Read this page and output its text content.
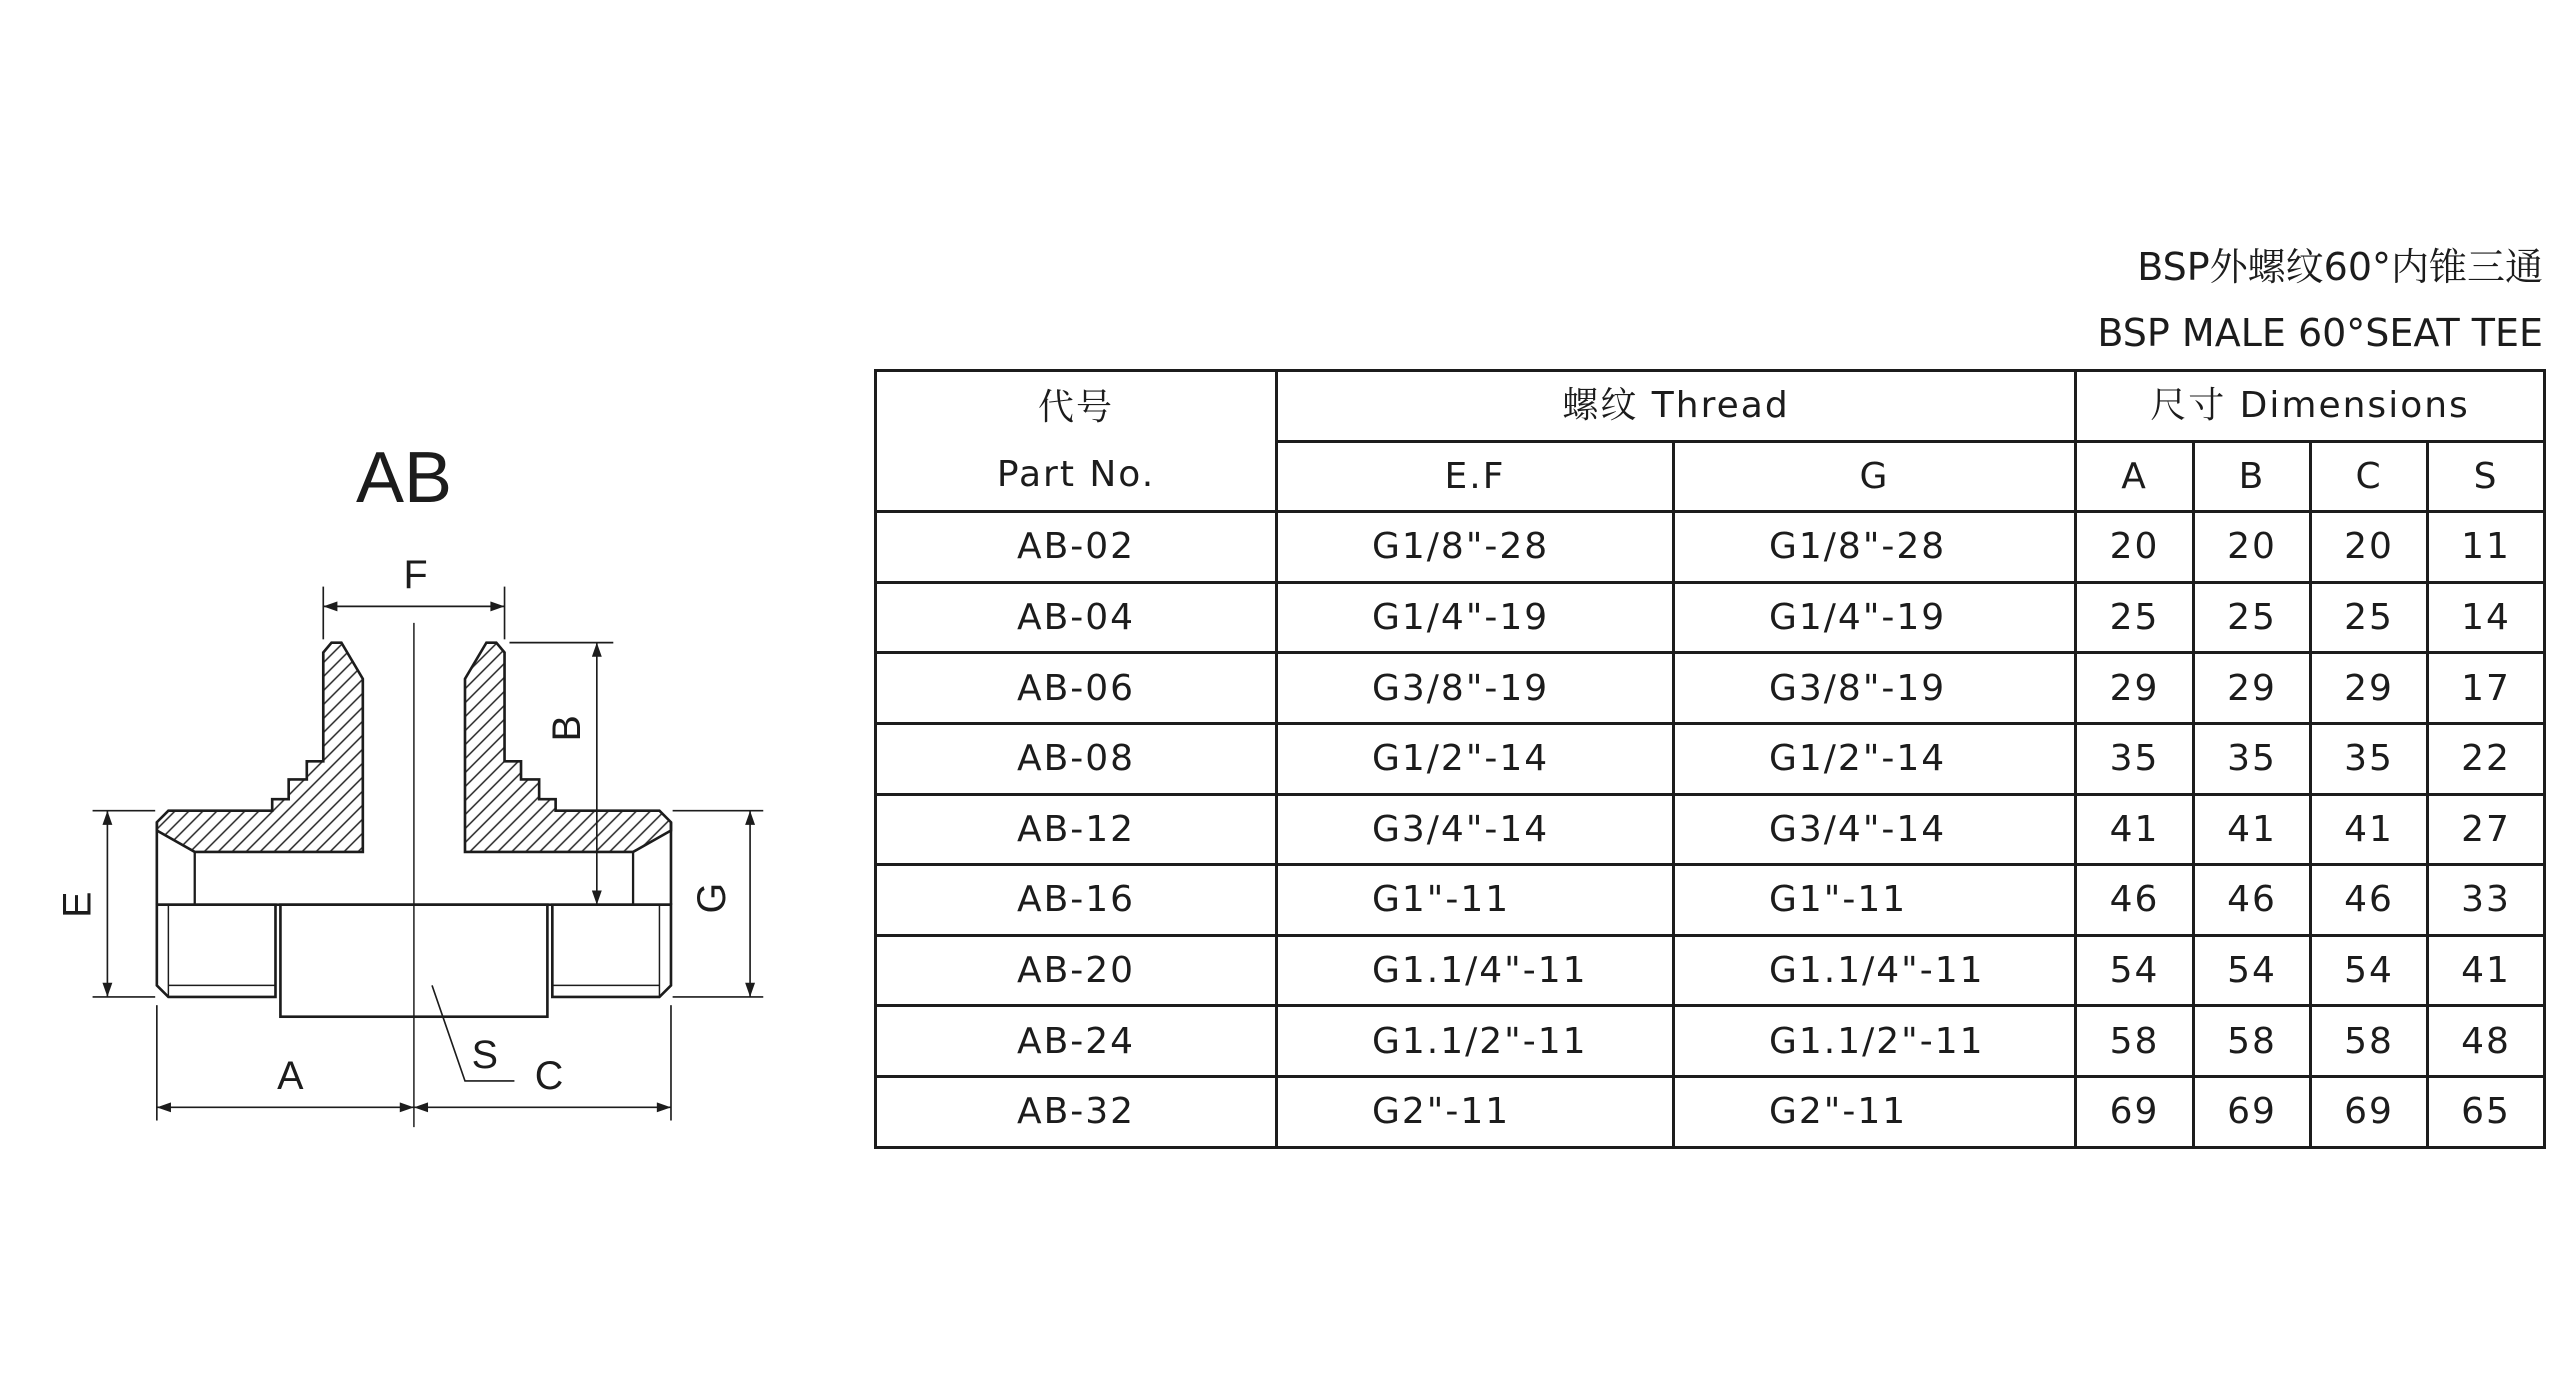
BSP外螺纹60°内锥三通
BSP MALE 60°SEAT TEE
AB
F
B
E	G
A	C
S
代号
Part No.	螺纹 Thread		尺寸 Dimensions			
	E.F	G	A	B	C	S
AB-02	G1/8"-28	G1/8"-28	20	20	20	11
AB-04	G1/4"-19	G1/4"-19	25	25	25	14
AB-06	G3/8"-19	G3/8"-19	29	29	29	17
AB-08	G1/2"-14	G1/2"-14	35	35	35	22
AB-12	G3/4"-14	G3/4"-14	41	41	41	27
AB-16	G1"-11	G1"-11	46	46	46	33
AB-20	G1.1/4"-11	G1.1/4"-11	54	54	54	41
AB-24	G1.1/2"-11	G1.1/2"-11	58	58	58	48
AB-32	G2"-11	G2"-11	69	69	69	65
